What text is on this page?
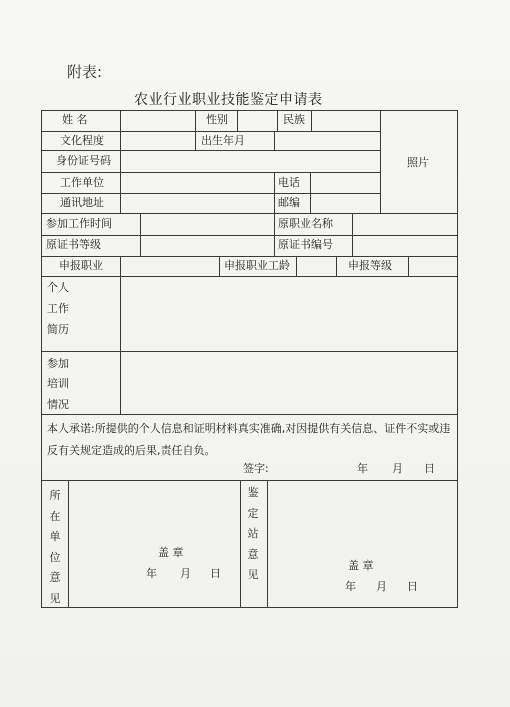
附表:
农业行业职业技能鉴定申请表
姓 名	性别	民族
照片
文化程度	出生年月
身份证号码
工作单位	电话
通讯地址	邮编
参加工作时间	原职业名称
原证书等级	原证书编号
申报职业	申报职业工龄	申报等级
个人
工作
简历
参加
培训
情况
本人承诺:所提供的个人信息和证明材料真实准确,对因提供有关信息、证件不实或违反有关规定造成的后果,责任自负。
签字:	年 月 日
所
在
单
位
意
见
盖 章
年 月 日
鉴
定
站
意
见
盖 章
年 月 日
